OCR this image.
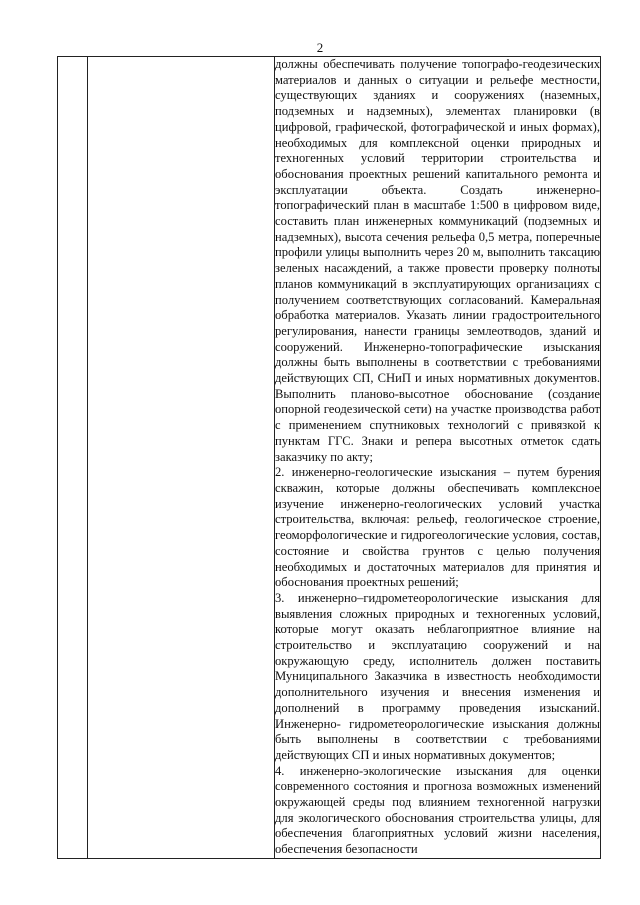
2

должны обеспечивать получение топографо-геодезических материалов и данных о ситуации и рельефе местности, существующих зданиях и сооружениях (наземных, подземных и надземных), элементах планировки (в цифровой, графической, фотографической и иных формах), необходимых для комплексной оценки природных и техногенных условий территории строительства и обоснования проектных решений капитального ремонта и эксплуатации объекта. Создать инженерно-топографический план в масштабе 1:500 в цифровом виде, составить план инженерных коммуникаций (подземных и надземных), высота сечения рельефа 0,5 метра, поперечные профили улицы выполнить через 20 м, выполнить таксацию зеленых насаждений, а также провести проверку полноты планов коммуникаций в эксплуатирующих организациях с получением соответствующих согласований. Камеральная обработка материалов. Указать линии градостроительного регулирования, нанести границы землеотводов, зданий и сооружений. Инженерно-топографические изыскания должны быть выполнены в соответствии с требованиями действующих СП, СНиП и иных нормативных документов. Выполнить планово-высотное обоснование (создание опорной геодезической сети) на участке производства работ с применением спутниковых технологий с привязкой к пунктам ГГС. Знаки и репера высотных отметок сдать заказчику по акту;

2. инженерно-геологические изыскания – путем бурения скважин, которые должны обеспечивать комплексное изучение инженерно-геологических условий участка строительства, включая: рельеф, геологическое строение, геоморфологические и гидрогеологические условия, состав, состояние и свойства грунтов с целью получения необходимых и достаточных материалов для принятия и обоснования проектных решений;

3. инженерно–гидрометеорологические изыскания для выявления сложных природных и техногенных условий, которые могут оказать неблагоприятное влияние на строительство и эксплуатацию сооружений и на окружающую среду, исполнитель должен поставить Муниципального Заказчика в известность необходимости дополнительного изучения и внесения изменения и дополнений в программу проведения изысканий. Инженерно- гидрометеорологические изыскания должны быть выполнены в соответствии с требованиями действующих СП и иных нормативных документов;

4. инженерно-экологические изыскания для оценки современного состояния и прогноза возможных изменений окружающей среды под влиянием техногенной нагрузки для экологического обоснования строительства улицы, для обеспечения благоприятных условий жизни населения, обеспечения безопасности
